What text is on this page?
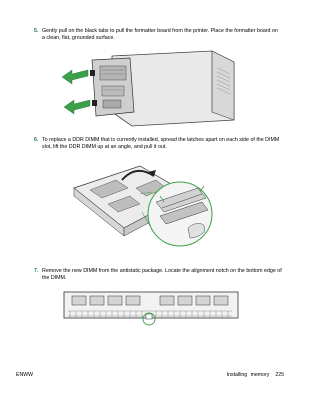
5. Gently pull on the black tabs to pull the formatter board from the printer. Place the formatter board on a clean, flat, grounded surface.
6. To replace a DDR DIMM that is currently installed, spread the latches apart on each side of the DIMM slot, lift the DDR DIMM up at an angle, and pull it out.
7. Remove the new DIMM from the antistatic package. Locate the alignment notch on the bottom edge of the DIMM.
ENWW	Installing memory 225
